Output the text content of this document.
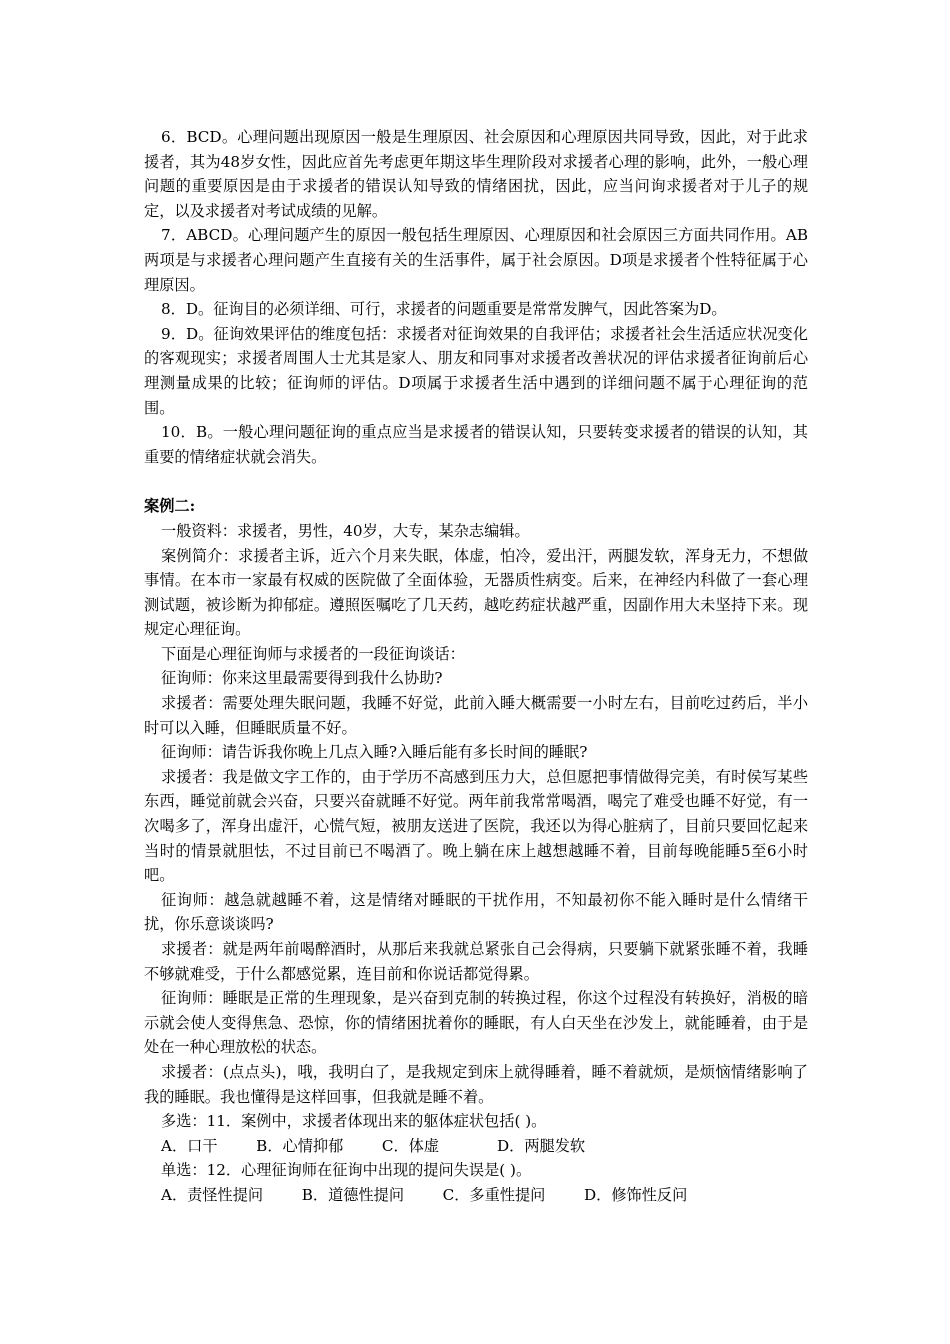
6．BCD。心理问题出现原因一般是生理原因、社会原因和心理原因共同导致，因此，对于此求援者，其为48岁女性，因此应首先考虑更年期这毕生理阶段对求援者心理的影响，此外，一般心理问题的重要原因是由于求援者的错误认知导致的情绪困扰，因此，应当问询求援者对于儿子的规定，以及求援者对考试成绩的见解。

7．ABCD。心理问题产生的原因一般包括生理原因、心理原因和社会原因三方面共同作用。AB两项是与求援者心理问题产生直接有关的生活事件，属于社会原因。D项是求援者个性特征属于心理原因。

8．D。征询目的必须详细、可行，求援者的问题重要是常常发脾气，因此答案为D。

9．D。征询效果评估的维度包括：求援者对征询效果的自我评估；求援者社会生活适应状况变化的客观现实；求援者周围人士尤其是家人、朋友和同事对求援者改善状况的评估求援者征询前后心理测量成果的比较；征询师的评估。D项属于求援者生活中遇到的详细问题不属于心理征询的范围。

10．B。一般心理问题征询的重点应当是求援者的错误认知，只要转变求援者的错误的认知，其重要的情绪症状就会消失。

案例二:

一般资料：求援者，男性，40岁，大专，某杂志编辑。

案例简介：求援者主诉，近六个月来失眠，体虚，怕冷，爱出汗，两腿发软，浑身无力，不想做事情。在本市一家最有权威的医院做了全面体验，无器质性病变。后来，在神经内科做了一套心理测试题，被诊断为抑郁症。遵照医嘱吃了几天药，越吃药症状越严重，因副作用大未坚持下来。现规定心理征询。

下面是心理征询师与求援者的一段征询谈话：

征询师：你来这里最需要得到我什么协助?

求援者：需要处理失眠问题，我睡不好觉，此前入睡大概需要一小时左右，目前吃过药后，半小时可以入睡，但睡眠质量不好。

征询师：请告诉我你晚上几点入睡?入睡后能有多长时间的睡眠?

求援者：我是做文字工作的，由于学历不高感到压力大，总但愿把事情做得完美，有时侯写某些东西，睡觉前就会兴奋，只要兴奋就睡不好觉。两年前我常常喝酒，喝完了难受也睡不好觉，有一次喝多了，浑身出虚汗，心慌气短，被朋友送进了医院，我还以为得心脏病了，目前只要回忆起来当时的情景就胆怯，不过目前已不喝酒了。晚上躺在床上越想越睡不着，目前每晚能睡5至6小时吧。

征询师：越急就越睡不着，这是情绪对睡眠的干扰作用，不知最初你不能入睡时是什么情绪干扰，你乐意谈谈吗?

求援者：就是两年前喝醉酒时，从那后来我就总紧张自己会得病，只要躺下就紧张睡不着，我睡不够就难受，于什么都感觉累，连目前和你说话都觉得累。

征询师：睡眠是正常的生理现象，是兴奋到克制的转换过程，你这个过程没有转换好，消极的暗示就会使人变得焦急、恐惊，你的情绪困扰着你的睡眠，有人白天坐在沙发上，就能睡着，由于是处在一种心理放松的状态。

求援者：(点点头)，哦，我明白了，是我规定到床上就得睡着，睡不着就烦，是烦恼情绪影响了我的睡眠。我也懂得是这样回事，但我就是睡不着。

多选：11．案例中，求援者体现出来的躯体症状包括( )。

A．口干        B．心情抑郁        C．体虚            D．两腿发软

单选：12．心理征询师在征询中出现的提问失误是( )。

A．责怪性提问        B．道德性提问        C．多重性提问        D．修饰性反问
